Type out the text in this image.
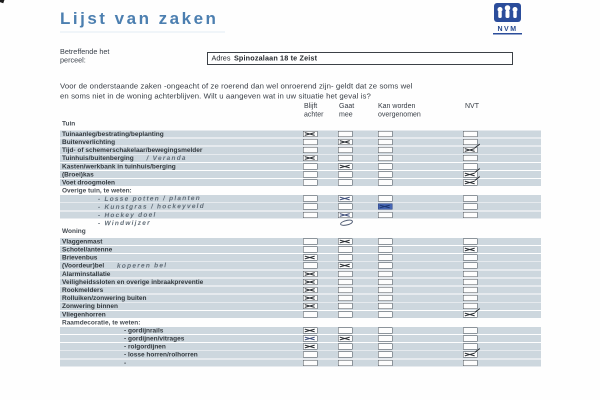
Lijst van zaken
NVM
Betreffende het
perceel:	Adres Spinozalaan 18 te Zeist
Voor de onderstaande zaken -ongeacht of ze roerend dan wel onroerend zijn- geldt dat ze soms wel
en soms niet in de woning achterblijven. Wilt u aangeven wat in uw situatie het geval is?
Blijft
achter
Gaat
mee
Kan worden
overgenomen
NVT
Tuin
Tuinaanleg/bestrating/beplanting
Buitenverlichting
Tijd- of schemerschakelaar/bewegingsmelder
Tuinhuis/buitenberging / Veranda
Kasten/werkbank in tuinhuis/berging
(Broei)kas
Voet droogmolen
Overige tuin, te weten:
- Losse potten / planten
- Kunstgras / hockeyveld
- Hockey doel
- Windwijzer
Woning
Vlaggenmast
Schotel/antenne
Brievenbus
(Voordeur)bel koperen bel
Alarminstallatie
Veiligheidssloten en overige inbraakpreventie
Rookmelders
Rolluiken/zonwering buiten
Zonwering binnen
Vliegenhorren
Raamdecoratie, te weten:
- gordijnrails
- gordijnen/vitrages
- rolgordijnen
- losse horren/rolhorren
-
